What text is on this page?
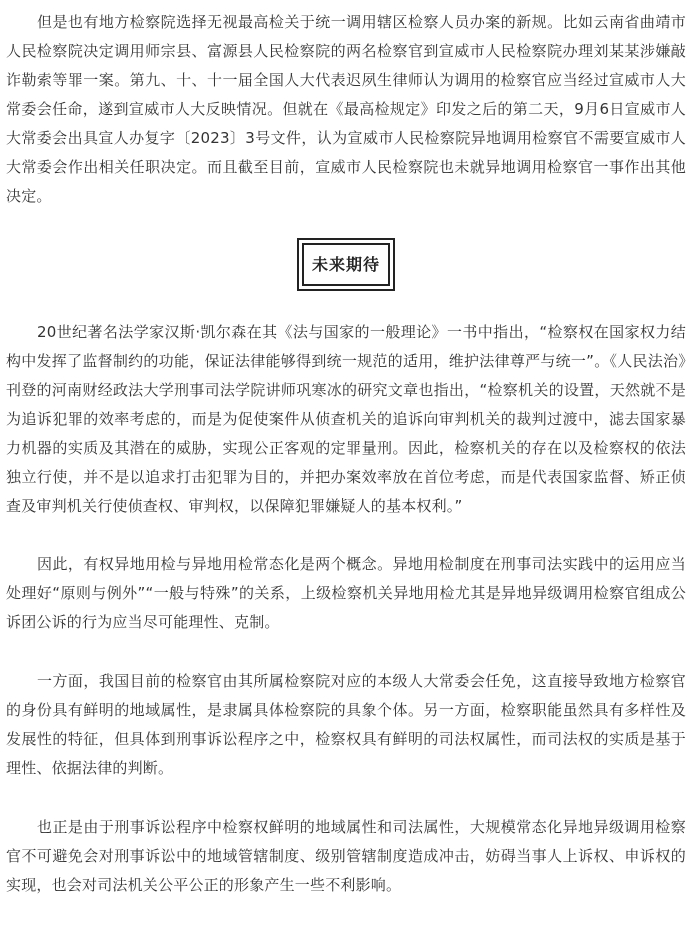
但是也有地方检察院选择无视最高检关于统一调用辖区检察人员办案的新规。比如云南省曲靖市人民检察院决定调用师宗县、富源县人民检察院的两名检察官到宣威市人民检察院办理刘某某涉嫌敲诈勒索等罪一案。第九、十、十一届全国人大代表迟夙生律师认为调用的检察官应当经过宣威市人大常委会任命，遂到宣威市人大反映情况。但就在《最高检规定》印发之后的第二天，9月6日宣威市人大常委会出具宣人办复字〔2023〕3号文件，认为宣威市人民检察院异地调用检察官不需要宣威市人大常委会作出相关任职决定。而且截至目前，宣威市人民检察院也未就异地调用检察官一事作出其他决定。

未来期待

20世纪著名法学家汉斯·凯尔森在其《法与国家的一般理论》一书中指出，“检察权在国家权力结构中发挥了监督制约的功能，保证法律能够得到统一规范的适用，维护法律尊严与统一”。《人民法治》刊登的河南财经政法大学刑事司法学院讲师巩寒冰的研究文章也指出，“检察机关的设置，天然就不是为追诉犯罪的效率考虑的，而是为促使案件从侦查机关的追诉向审判机关的裁判过渡中，滤去国家暴力机器的实质及其潜在的威胁，实现公正客观的定罪量刑。因此，检察机关的存在以及检察权的依法独立行使，并不是以追求打击犯罪为目的，并把办案效率放在首位考虑，而是代表国家监督、矫正侦查及审判机关行使侦查权、审判权，以保障犯罪嫌疑人的基本权利。”

因此，有权异地用检与异地用检常态化是两个概念。异地用检制度在刑事司法实践中的运用应当处理好“原则与例外”“一般与特殊”的关系，上级检察机关异地用检尤其是异地异级调用检察官组成公诉团公诉的行为应当尽可能理性、克制。

一方面，我国目前的检察官由其所属检察院对应的本级人大常委会任免，这直接导致地方检察官的身份具有鲜明的地域属性，是隶属具体检察院的具象个体。另一方面，检察职能虽然具有多样性及发展性的特征，但具体到刑事诉讼程序之中，检察权具有鲜明的司法权属性，而司法权的实质是基于理性、依据法律的判断。

也正是由于刑事诉讼程序中检察权鲜明的地域属性和司法属性，大规模常态化异地异级调用检察官不可避免会对刑事诉讼中的地域管辖制度、级别管辖制度造成冲击，妨碍当事人上诉权、申诉权的实现，也会对司法机关公平公正的形象产生一些不利影响。
